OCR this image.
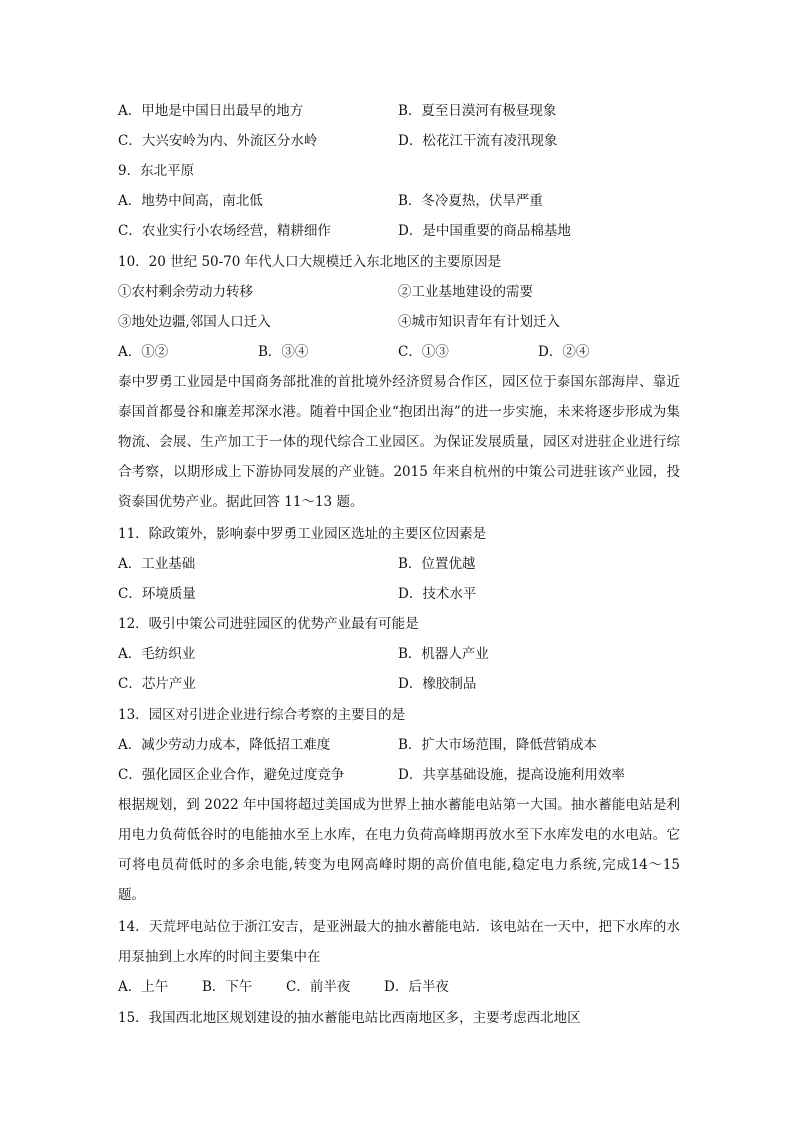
A．甲地是中国日出最早的地方	B．夏至日漠河有极昼现象
C．大兴安岭为内、外流区分水岭	D．松花江干流有凌汛现象
9．东北平原
A．地势中间高，南北低	B．冬冷夏热，伏旱严重
C．农业实行小农场经营，精耕细作	D．是中国重要的商品棉基地
10．20 世纪 50-70 年代人口大规模迁入东北地区的主要原因是
①农村剩余劳动力转移	②工业基地建设的需要
③地处边疆,邻国人口迁入	④城市知识青年有计划迁入
A．①②	B．③④	C．①③	D．②④

泰中罗勇工业园是中国商务部批准的首批境外经济贸易合作区，园区位于泰国东部海岸、靠近泰国首都曼谷和廉差邦深水港。随着中国企业“抱团出海”的进一步实施，未来将逐步形成为集物流、会展、生产加工于一体的现代综合工业园区。为保证发展质量，园区对进驻企业进行综合考察，以期形成上下游协同发展的产业链。2015 年来自杭州的中策公司进驻该产业园，投资泰国优势产业。据此回答 11～13 题。

11．除政策外，影响泰中罗勇工业园区选址的主要区位因素是
A．工业基础	B．位置优越
C．环境质量	D．技术水平
12．吸引中策公司进驻园区的优势产业最有可能是
A．毛纺织业	B．机器人产业
C．芯片产业	D．橡胶制品
13．园区对引进企业进行综合考察的主要目的是
A．减少劳动力成本，降低招工难度	B．扩大市场范围，降低营销成本
C．强化园区企业合作，避免过度竞争	D．共享基础设施，提高设施利用效率

根据规划，到 2022 年中国将超过美国成为世界上抽水蓄能电站第一大国。抽水蓄能电站是利用电力负荷低谷时的电能抽水至上水库，在电力负荷高峰期再放水至下水库发电的水电站。它可将电员荷低时的多余电能,转变为电网高峰时期的高价值电能,稳定电力系统,完成14～15 题。

14．天荒坪电站位于浙江安吉，是亚洲最大的抽水蓄能电站．该电站在一天中，把下水库的水用泵抽到上水库的时间主要集中在

A．上午	B．下午 C．前半夜 D．后半夜
15．我国西北地区规划建设的抽水蓄能电站比西南地区多，主要考虑西北地区
